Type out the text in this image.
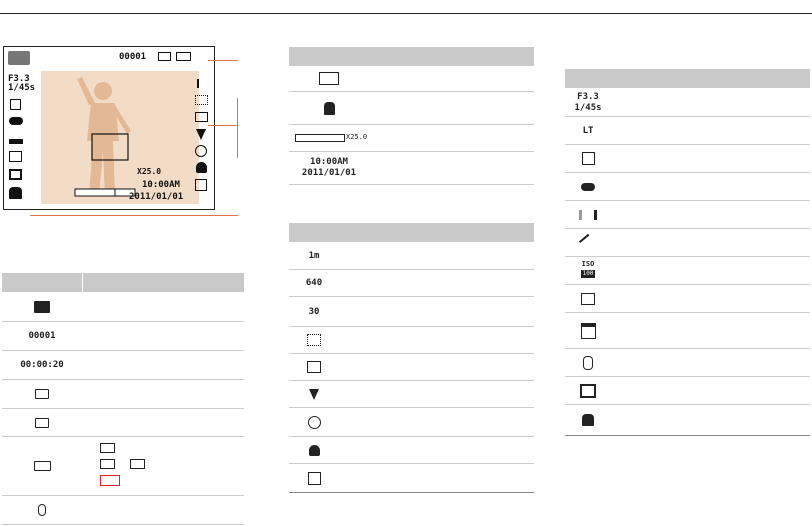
00001
F3.3
1/45s
X25.0
10:00AM
2011/01/01
00001
00:00:20
X25.0
10:00AM
2011/01/01
1m
640
30
F3.3
1/45s
LT
ISO
100
